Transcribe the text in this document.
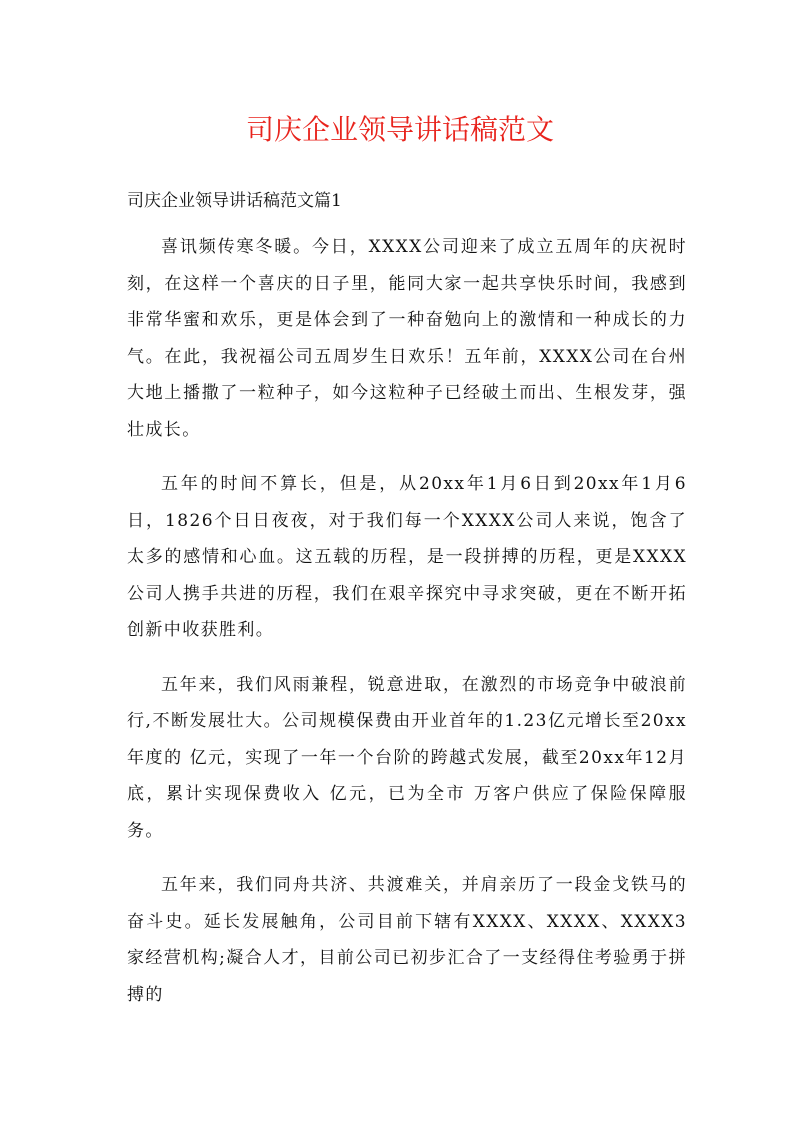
司庆企业领导讲话稿范文

司庆企业领导讲话稿范文篇1

喜讯频传寒冬暖。今日，XXXX公司迎来了成立五周年的庆祝时刻，在这样一个喜庆的日子里，能同大家一起共享快乐时间，我感到非常华蜜和欢乐，更是体会到了一种奋勉向上的激情和一种成长的力气。在此，我祝福公司五周岁生日欢乐！五年前，XXXX公司在台州大地上播撒了一粒种子，如今这粒种子已经破土而出、生根发芽，强壮成长。

五年的时间不算长，但是，从20xx年1月6日到20xx年1月6日，1826个日日夜夜，对于我们每一个XXXX公司人来说，饱含了太多的感情和心血。这五载的历程，是一段拼搏的历程，更是XXXX公司人携手共进的历程，我们在艰辛探究中寻求突破，更在不断开拓创新中收获胜利。

五年来，我们风雨兼程，锐意进取，在激烈的市场竞争中破浪前行,不断发展壮大。公司规模保费由开业首年的1.23亿元增长至20xx年度的 亿元，实现了一年一个台阶的跨越式发展，截至20xx年12月底，累计实现保费收入 亿元，已为全市 万客户供应了保险保障服务。

五年来，我们同舟共济、共渡难关，并肩亲历了一段金戈铁马的奋斗史。延长发展触角，公司目前下辖有XXXX、XXXX、XXXX3家经营机构;凝合人才，目前公司已初步汇合了一支经得住考验勇于拼搏的
